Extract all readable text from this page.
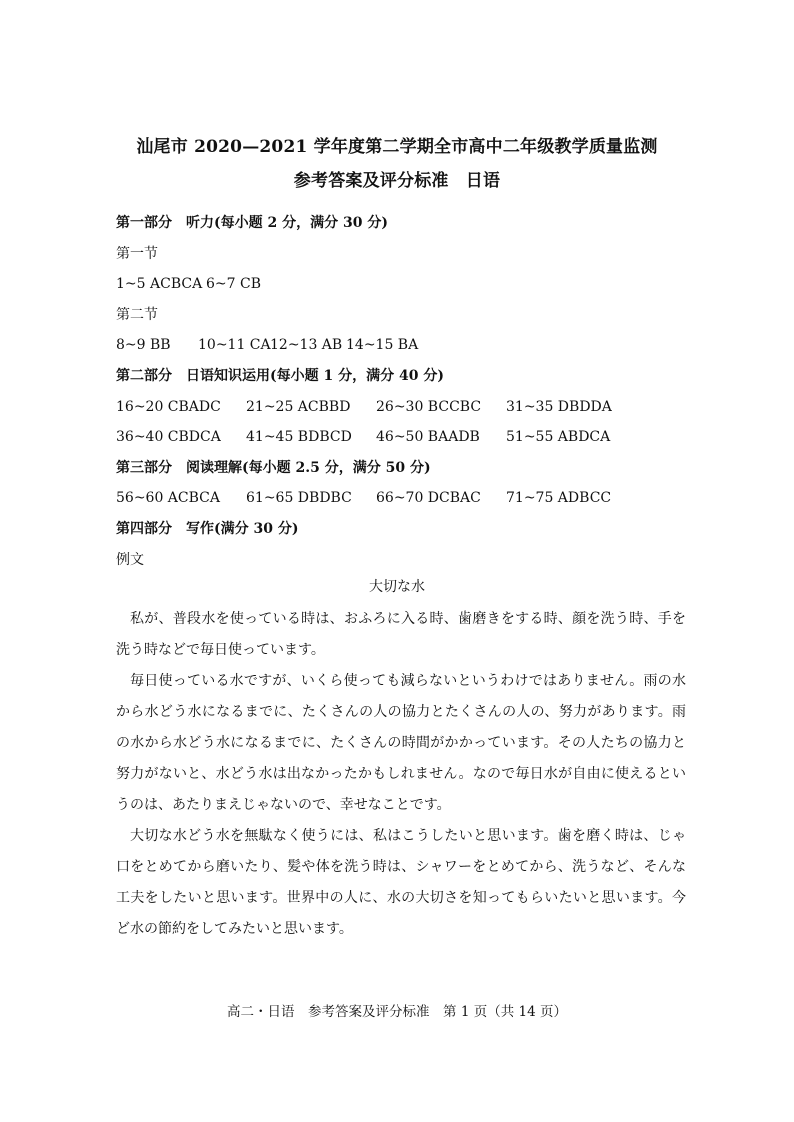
汕尾市 2020—2021 学年度第二学期全市高中二年级教学质量监测
参考答案及评分标准　日语
第一部分　听力(每小题 2 分，满分 30 分)
第一节
1~5 ACBCA 6~7 CB
第二节
8~9 BB 10~11 CA12~13 AB 14~15 BA
第二部分　日语知识运用(每小题 1 分，满分 40 分)
16~20 CBADC 21~25 ACBBD 26~30 BCCBC 31~35 DBDDA
36~40 CBDCA 41~45 BDBCD 46~50 BAADB 51~55 ABDCA
第三部分　阅读理解(每小题 2.5 分，满分 50 分)
56~60 ACBCA 61~65 DBDBC 66~70 DCBAC 71~75 ADBCC
第四部分　写作(满分 30 分)
例文
大切な水

私が、普段水を使っている時は、おふろに入る時、歯磨きをする時、顔を洗う時、手を洗う時などで毎日使っています。

毎日使っている水ですが、いくら使っても減らないというわけではありません。雨の水から水どう水になるまでに、たくさんの人の協力とたくさんの人の、努力があります。雨の水から水どう水になるまでに、たくさんの時間がかかっています。その人たちの協力と努力がないと、水どう水は出なかったかもしれません。なので毎日水が自由に使えるというのは、あたりまえじゃないので、幸せなことです。

大切な水どう水を無駄なく使うには、私はこうしたいと思います。歯を磨く時は、じゃ口をとめてから磨いたり、髪や体を洗う時は、シャワーをとめてから、洗うなど、そんな工夫をしたいと思います。世界中の人に、水の大切さを知ってもらいたいと思います。今ど水の節約をしてみたいと思います。

高二・日语　参考答案及评分标准　第 1 页（共 14 页）
